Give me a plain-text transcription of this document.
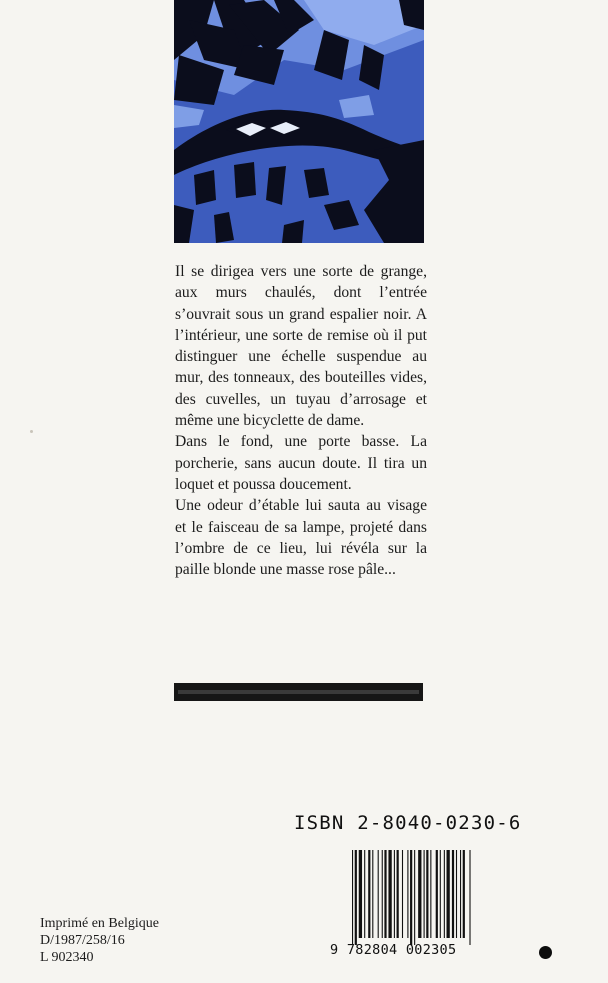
Il se dirigea vers une sorte de grange, aux murs chaulés, dont l’entrée s’ouvrait sous un grand espalier noir. A l’intérieur, une sorte de remise où il put distinguer une échelle suspendue au mur, des tonneaux, des bouteilles vides, des cuvelles, un tuyau d’arrosage et même une bicyclette de dame.

Dans le fond, une porte basse. La porcherie, sans aucun doute. Il tira un loquet et poussa doucement.

Une odeur d’étable lui sauta au visage et le faisceau de sa lampe, projeté dans l’ombre de ce lieu, lui révéla sur la paille blonde une masse rose pâle...

ISBN 2-8040-0230-6
9 782804 002305
Imprimé en Belgique
D/1987/258/16
L 902340
